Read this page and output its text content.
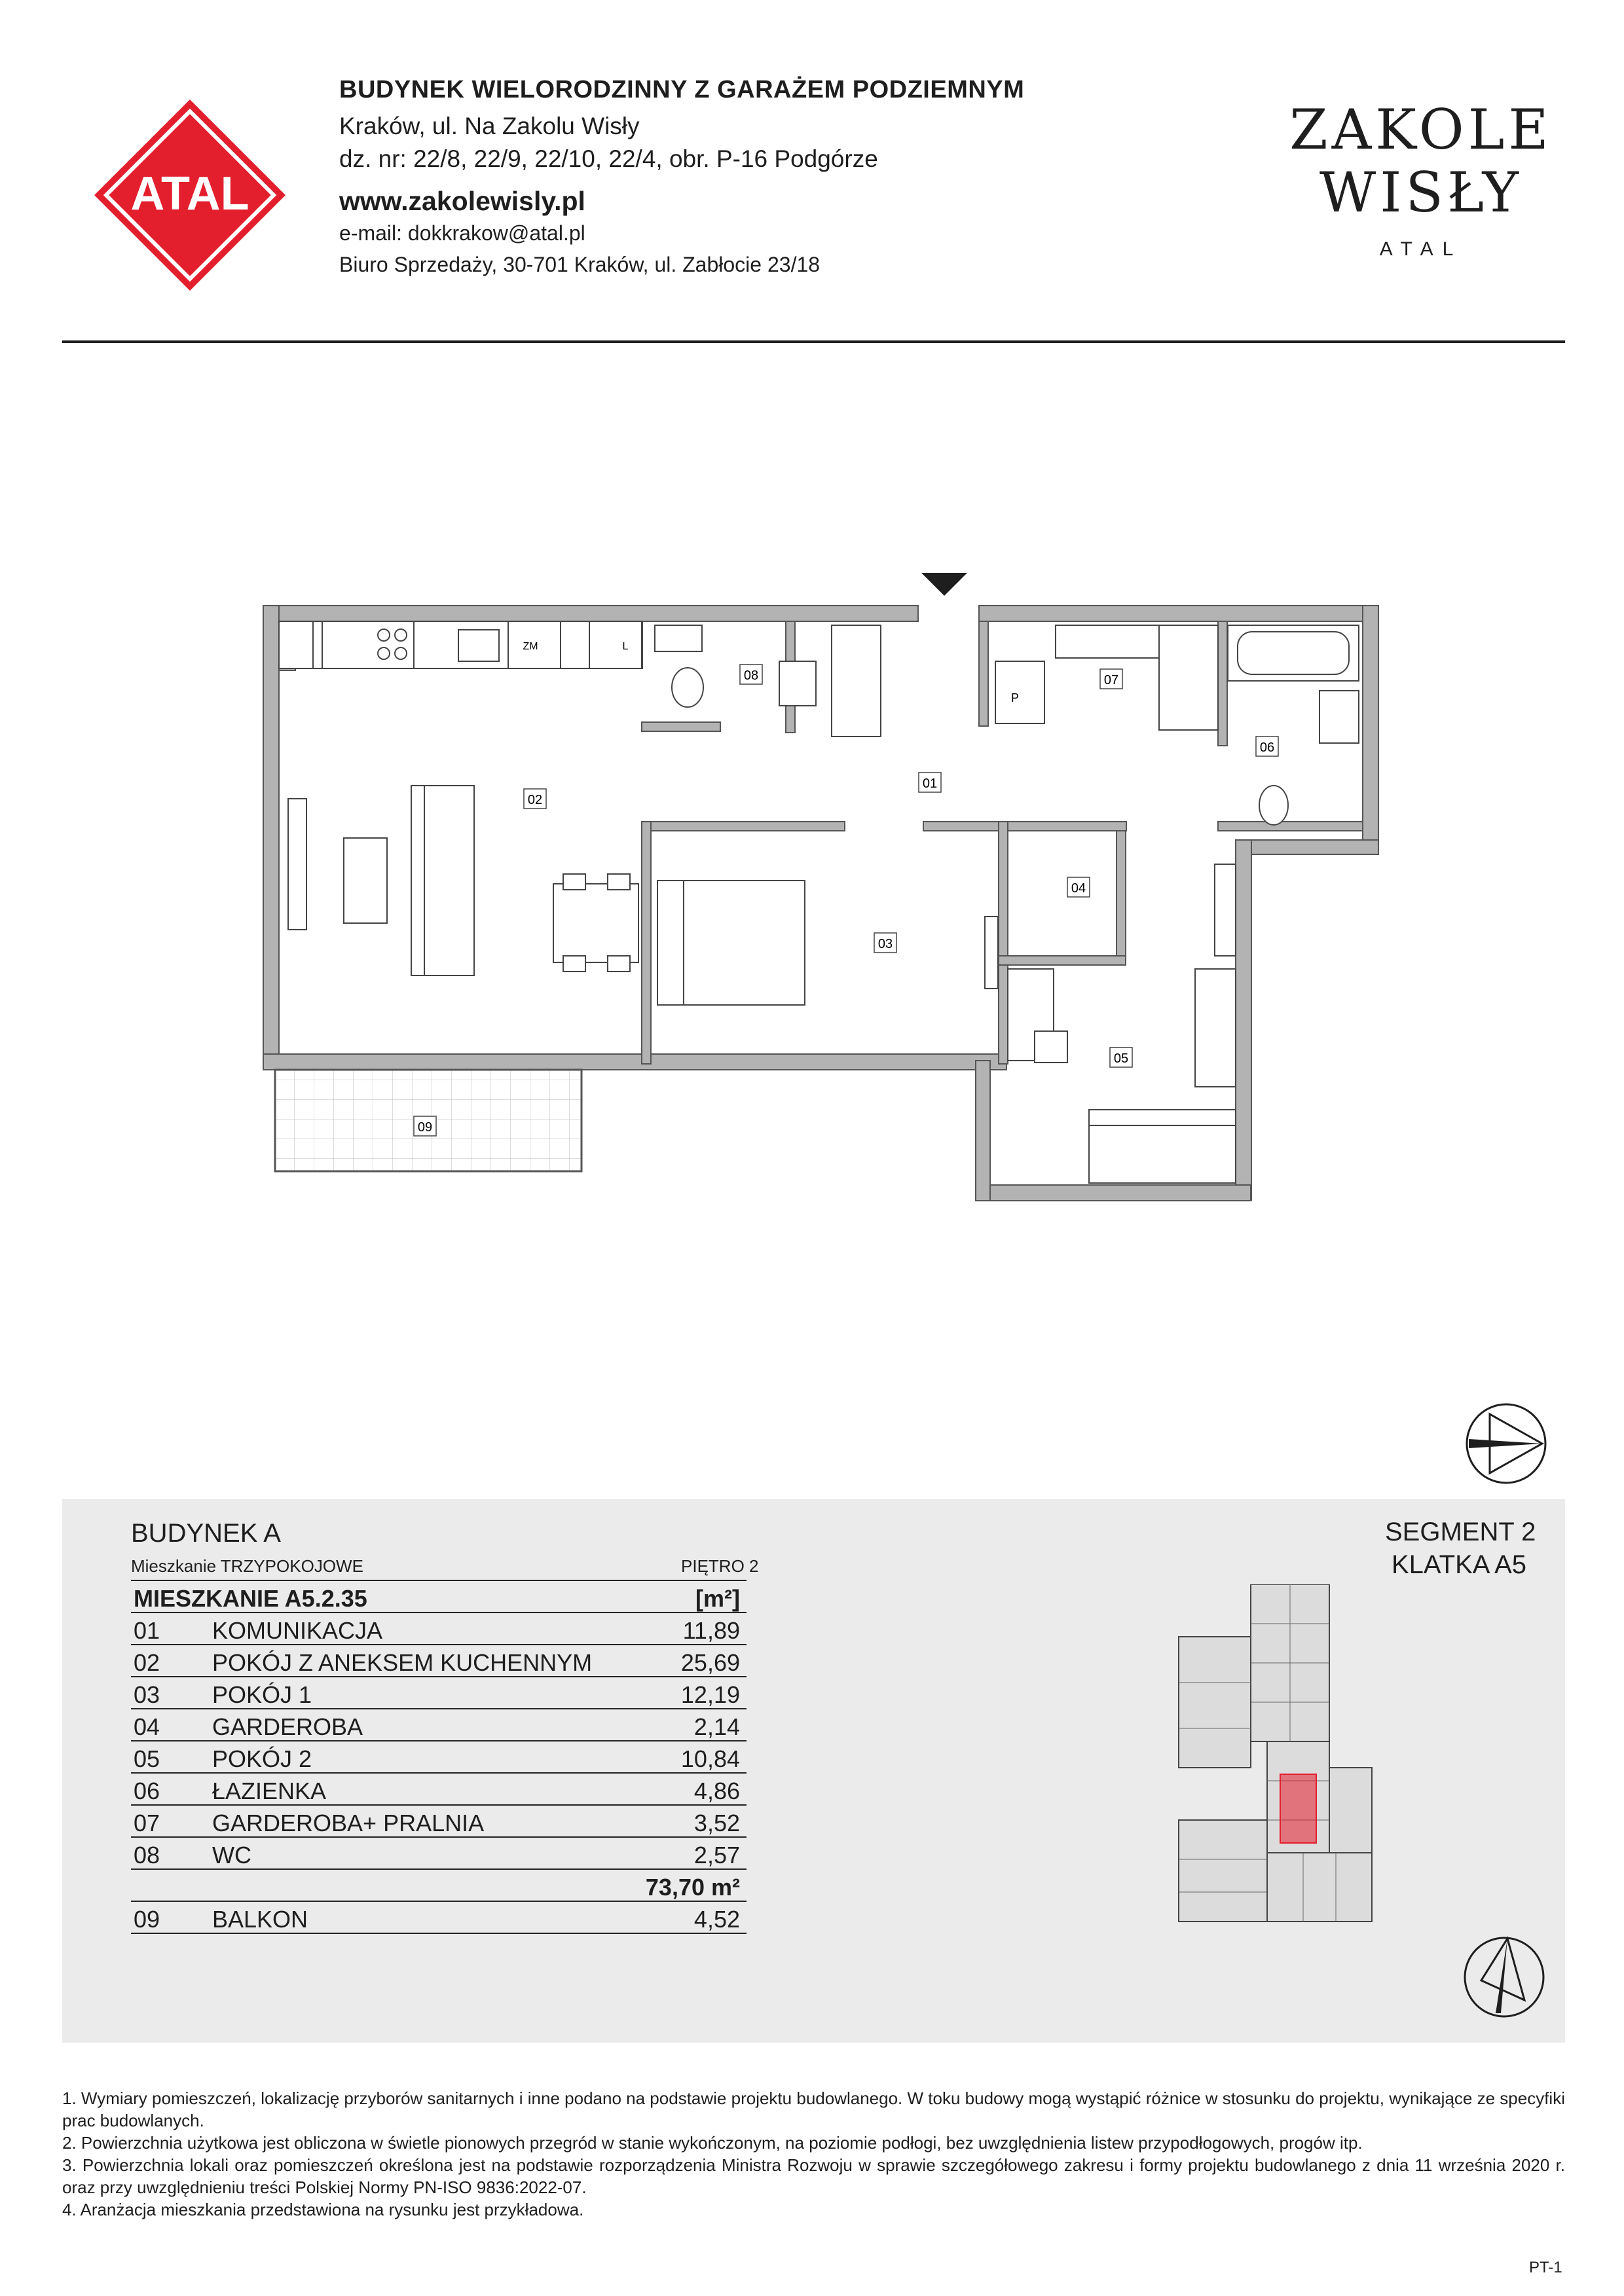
ATAL
BUDYNEK WIELORODZINNY Z GARAŻEM PODZIEMNYM
Kraków, ul. Na Zakolu Wisły
dz. nr: 22/8, 22/9, 22/10, 22/4, obr. P-16 Podgórze
www.zakolewisly.pl
e-mail: dokkrakow@atal.pl
Biuro Sprzedaży, 30-701 Kraków, ul. Zabłocie 23/18
ZAKOLE
WISŁY
ATAL
ZM	L
P
01
02
03
04
05
06
07
08
09
BUDYNEK A
Mieszkanie TRZYPOKOJOWE	PIĘTRO 2
MIESZKANIE A5.2.35	[m²]
01 KOMUNIKACJA	11,89
02 POKÓJ Z ANEKSEM KUCHENNYM	25,69
03 POKÓJ 1	12,19
04 GARDEROBA	2,14
05 POKÓJ 2	10,84
06 ŁAZIENKA	4,86
07 GARDEROBA+ PRALNIA	3,52
08 WC	2,57
73,70 m²
09 BALKON	4,52
SEGMENT 2
KLATKA A5
1. Wymiary pomieszczeń, lokalizację przyborów sanitarnych i inne podano na podstawie projektu budowlanego. W toku budowy mogą wystąpić różnice w stosunku do projektu, wynikające ze specyfiki prac budowlanych.
2. Powierzchnia użytkowa jest obliczona w świetle pionowych przegród w stanie wykończonym, na poziomie podłogi, bez uwzględnienia listew przypodłogowych, progów itp.
3. Powierzchnia lokali oraz pomieszczeń określona jest na podstawie rozporządzenia Ministra Rozwoju w sprawie szczegółowego zakresu i formy projektu budowlanego z dnia 11 września 2020 r. oraz przy uwzględnieniu treści Polskiej Normy PN-ISO 9836:2022-07.
4. Aranżacja mieszkania przedstawiona na rysunku jest przykładowa.
PT-1
